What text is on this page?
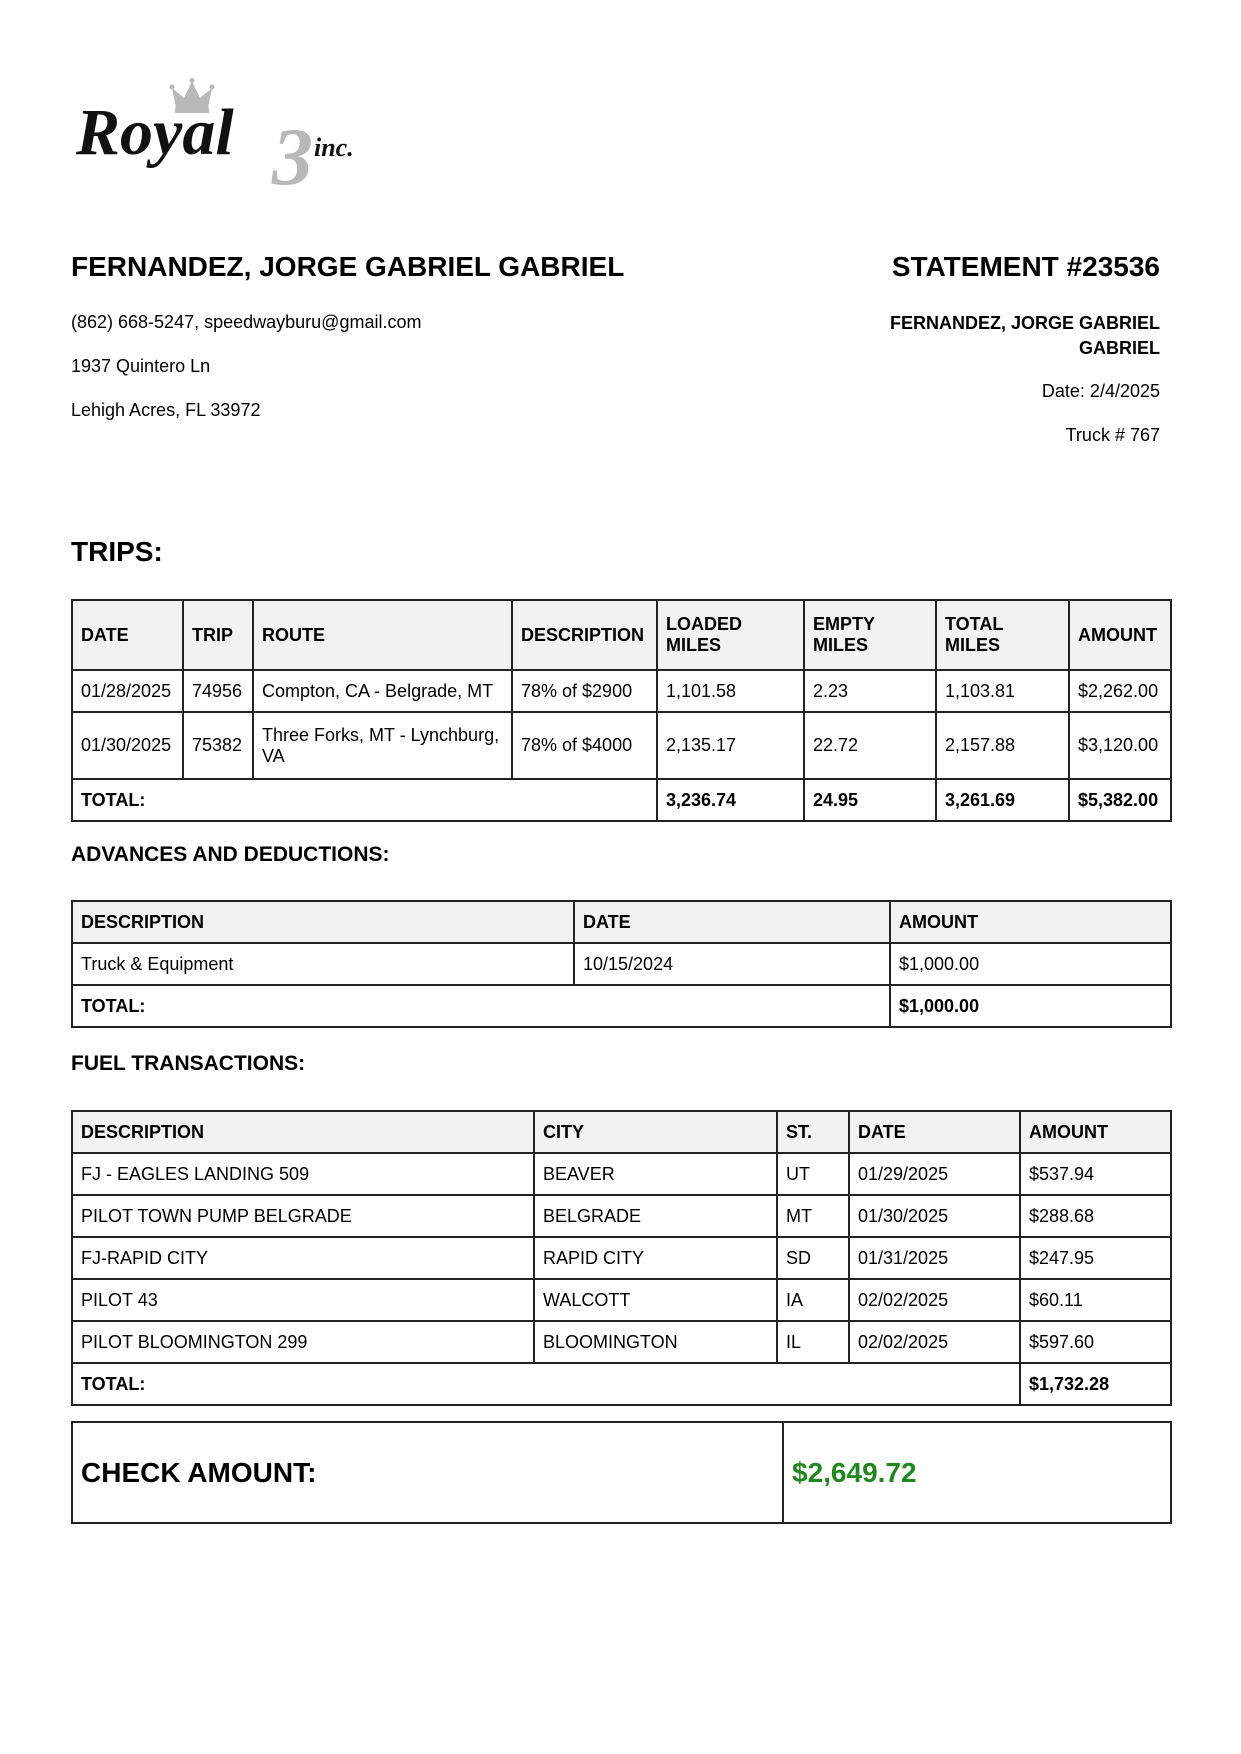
3
Royal	inc.
FERNANDEZ, JORGE GABRIEL GABRIEL
(862) 668-5247, speedwayburu@gmail.com
1937 Quintero Ln
Lehigh Acres, FL 33972
STATEMENT #23536
FERNANDEZ, JORGE GABRIEL GABRIEL
Date: 2/4/2025
Truck # 767
TRIPS:
DATE	TRIP	ROUTE	DESCRIPTION	LOADED MILES	EMPTY MILES	TOTAL MILES	AMOUNT
01/28/2025	74956	Compton, CA - Belgrade, MT	78% of $2900	1,101.58	2.23	1,103.81	$2,262.00
01/30/2025	75382	Three Forks, MT - Lynchburg, VA	78% of $4000	2,135.17	22.72	2,157.88	$3,120.00
TOTAL:				3,236.74	24.95	3,261.69	$5,382.00
ADVANCES AND DEDUCTIONS:
DESCRIPTION	DATE	AMOUNT
Truck & Equipment	10/15/2024	$1,000.00
TOTAL:		$1,000.00
FUEL TRANSACTIONS:
DESCRIPTION	CITY	ST.	DATE	AMOUNT
FJ - EAGLES LANDING 509	BEAVER	UT	01/29/2025	$537.94
PILOT TOWN PUMP BELGRADE	BELGRADE	MT	01/30/2025	$288.68
FJ-RAPID CITY	RAPID CITY	SD	01/31/2025	$247.95
PILOT 43	WALCOTT	IA	02/02/2025	$60.11
PILOT BLOOMINGTON 299	BLOOMINGTON	IL	02/02/2025	$597.60
TOTAL:				$1,732.28
CHECK AMOUNT:	$2,649.72
